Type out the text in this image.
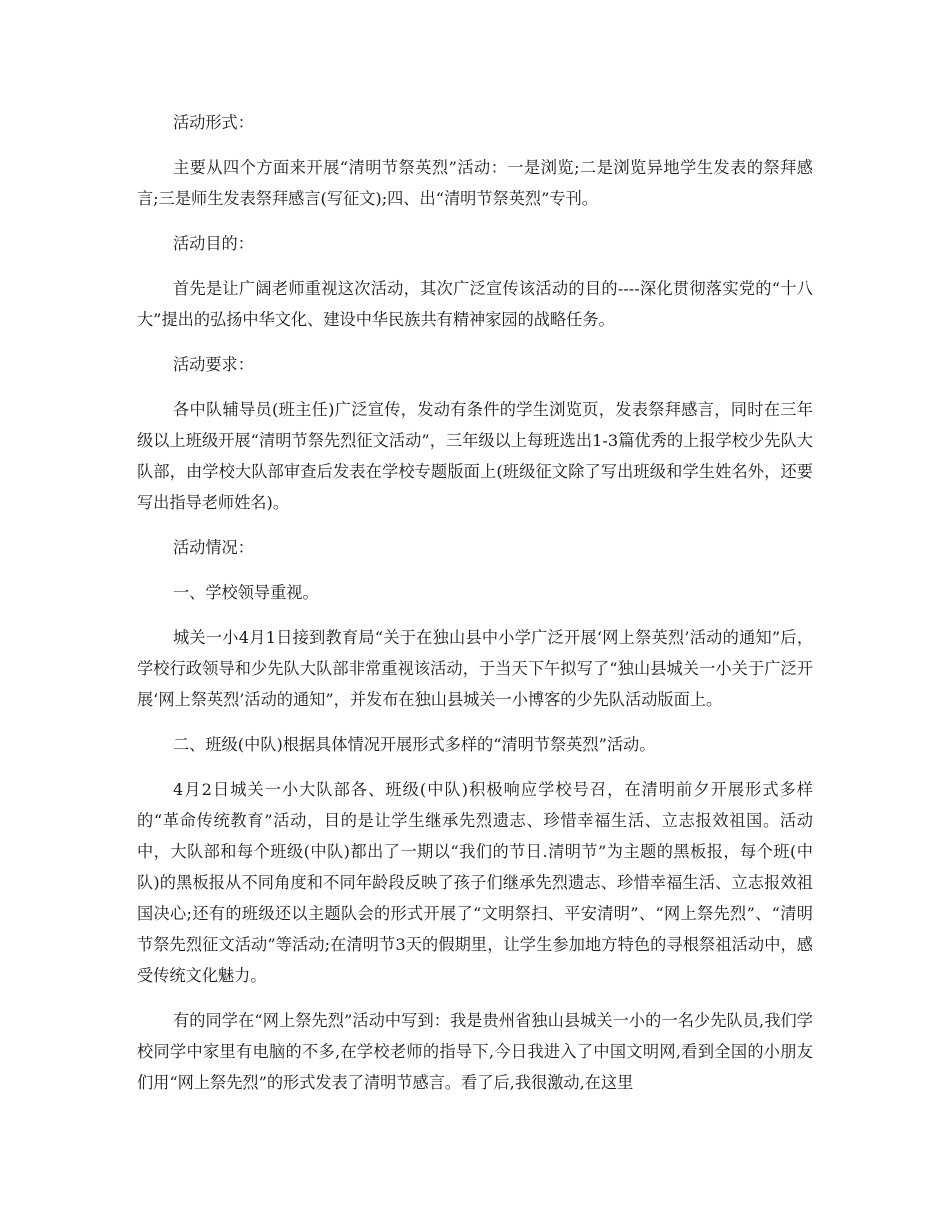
活动形式：

主要从四个方面来开展“清明节祭英烈”活动：一是浏览;二是浏览异地学生发表的祭拜感言;三是师生发表祭拜感言(写征文);四、出“清明节祭英烈”专刊。

活动目的：

首先是让广阔老师重视这次活动，其次广泛宣传该活动的目的----深化贯彻落实党的“十八大”提出的弘扬中华文化、建设中华民族共有精神家园的战略任务。

活动要求：

各中队辅导员(班主任)广泛宣传，发动有条件的学生浏览页，发表祭拜感言，同时在三年级以上班级开展“清明节祭先烈征文活动”，三年级以上每班选出1-3篇优秀的上报学校少先队大队部，由学校大队部审查后发表在学校专题版面上(班级征文除了写出班级和学生姓名外，还要写出指导老师姓名)。

活动情况：

一、学校领导重视。

城关一小4月1日接到教育局“关于在独山县中小学广泛开展‘网上祭英烈’活动的通知”后，学校行政领导和少先队大队部非常重视该活动，于当天下午拟写了“独山县城关一小关于广泛开展‘网上祭英烈’活动的通知”，并发布在独山县城关一小博客的少先队活动版面上。

二、班级(中队)根据具体情况开展形式多样的“清明节祭英烈”活动。

4月2日城关一小大队部各、班级(中队)积极响应学校号召，在清明前夕开展形式多样的“革命传统教育”活动，目的是让学生继承先烈遗志、珍惜幸福生活、立志报效祖国。活动中，大队部和每个班级(中队)都出了一期以“我们的节日.清明节”为主题的黑板报，每个班(中队)的黑板报从不同角度和不同年龄段反映了孩子们继承先烈遗志、珍惜幸福生活、立志报效祖国决心;还有的班级还以主题队会的形式开展了“文明祭扫、平安清明”、“网上祭先烈”、“清明节祭先烈征文活动”等活动;在清明节3天的假期里，让学生参加地方特色的寻根祭祖活动中，感受传统文化魅力。

有的同学在“网上祭先烈”活动中写到：我是贵州省独山县城关一小的一名少先队员,我们学校同学中家里有电脑的不多,在学校老师的指导下,今日我进入了中国文明网,看到全国的小朋友们用“网上祭先烈”的形式发表了清明节感言。看了后,我很激动,在这里
